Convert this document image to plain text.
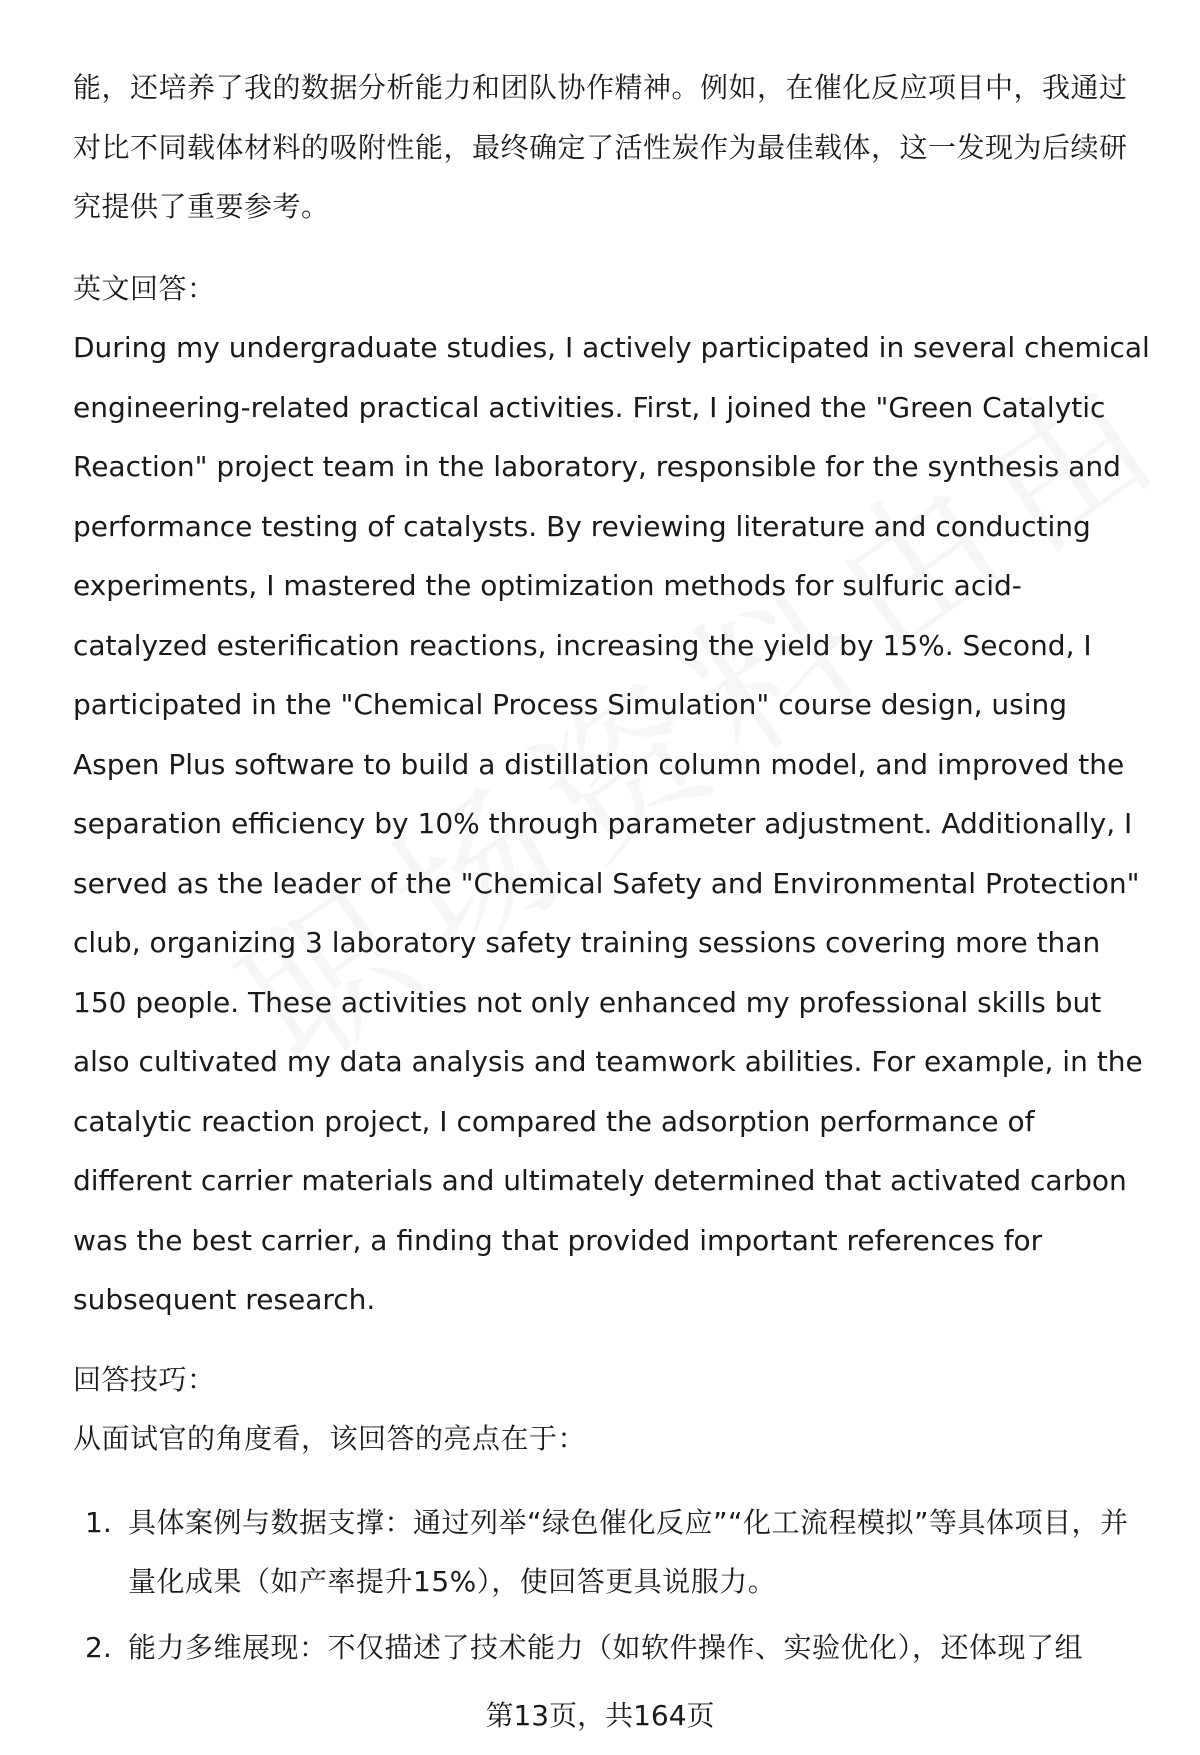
能，还培养了我的数据分析能力和团队协作精神。例如，在催化反应项目中，我通过对比不同载体材料的吸附性能，最终确定了活性炭作为最佳载体，这一发现为后续研究提供了重要参考。

英文回答：

During my undergraduate studies, I actively participated in several chemical engineering-related practical activities. First, I joined the "Green Catalytic Reaction" project team in the laboratory, responsible for the synthesis and performance testing of catalysts. By reviewing literature and conducting experiments, I mastered the optimization methods for sulfuric acid-catalyzed esterification reactions, increasing the yield by 15%. Second, I participated in the "Chemical Process Simulation" course design, using Aspen Plus software to build a distillation column model, and improved the separation efficiency by 10% through parameter adjustment. Additionally, I served as the leader of the "Chemical Safety and Environmental Protection" club, organizing 3 laboratory safety training sessions covering more than 150 people. These activities not only enhanced my professional skills but also cultivated my data analysis and teamwork abilities. For example, in the catalytic reaction project, I compared the adsorption performance of different carrier materials and ultimately determined that activated carbon was the best carrier, a finding that provided important references for subsequent research.

回答技巧：

从面试官的角度看，该回答的亮点在于：

1. 具体案例与数据支撑：通过列举“绿色催化反应”“化工流程模拟”等具体项目，并量化成果（如产率提升15%），使回答更具说服力。
2. 能力多维展现：不仅描述了技术能力（如软件操作、实验优化），还体现了组
第13页，共164页
